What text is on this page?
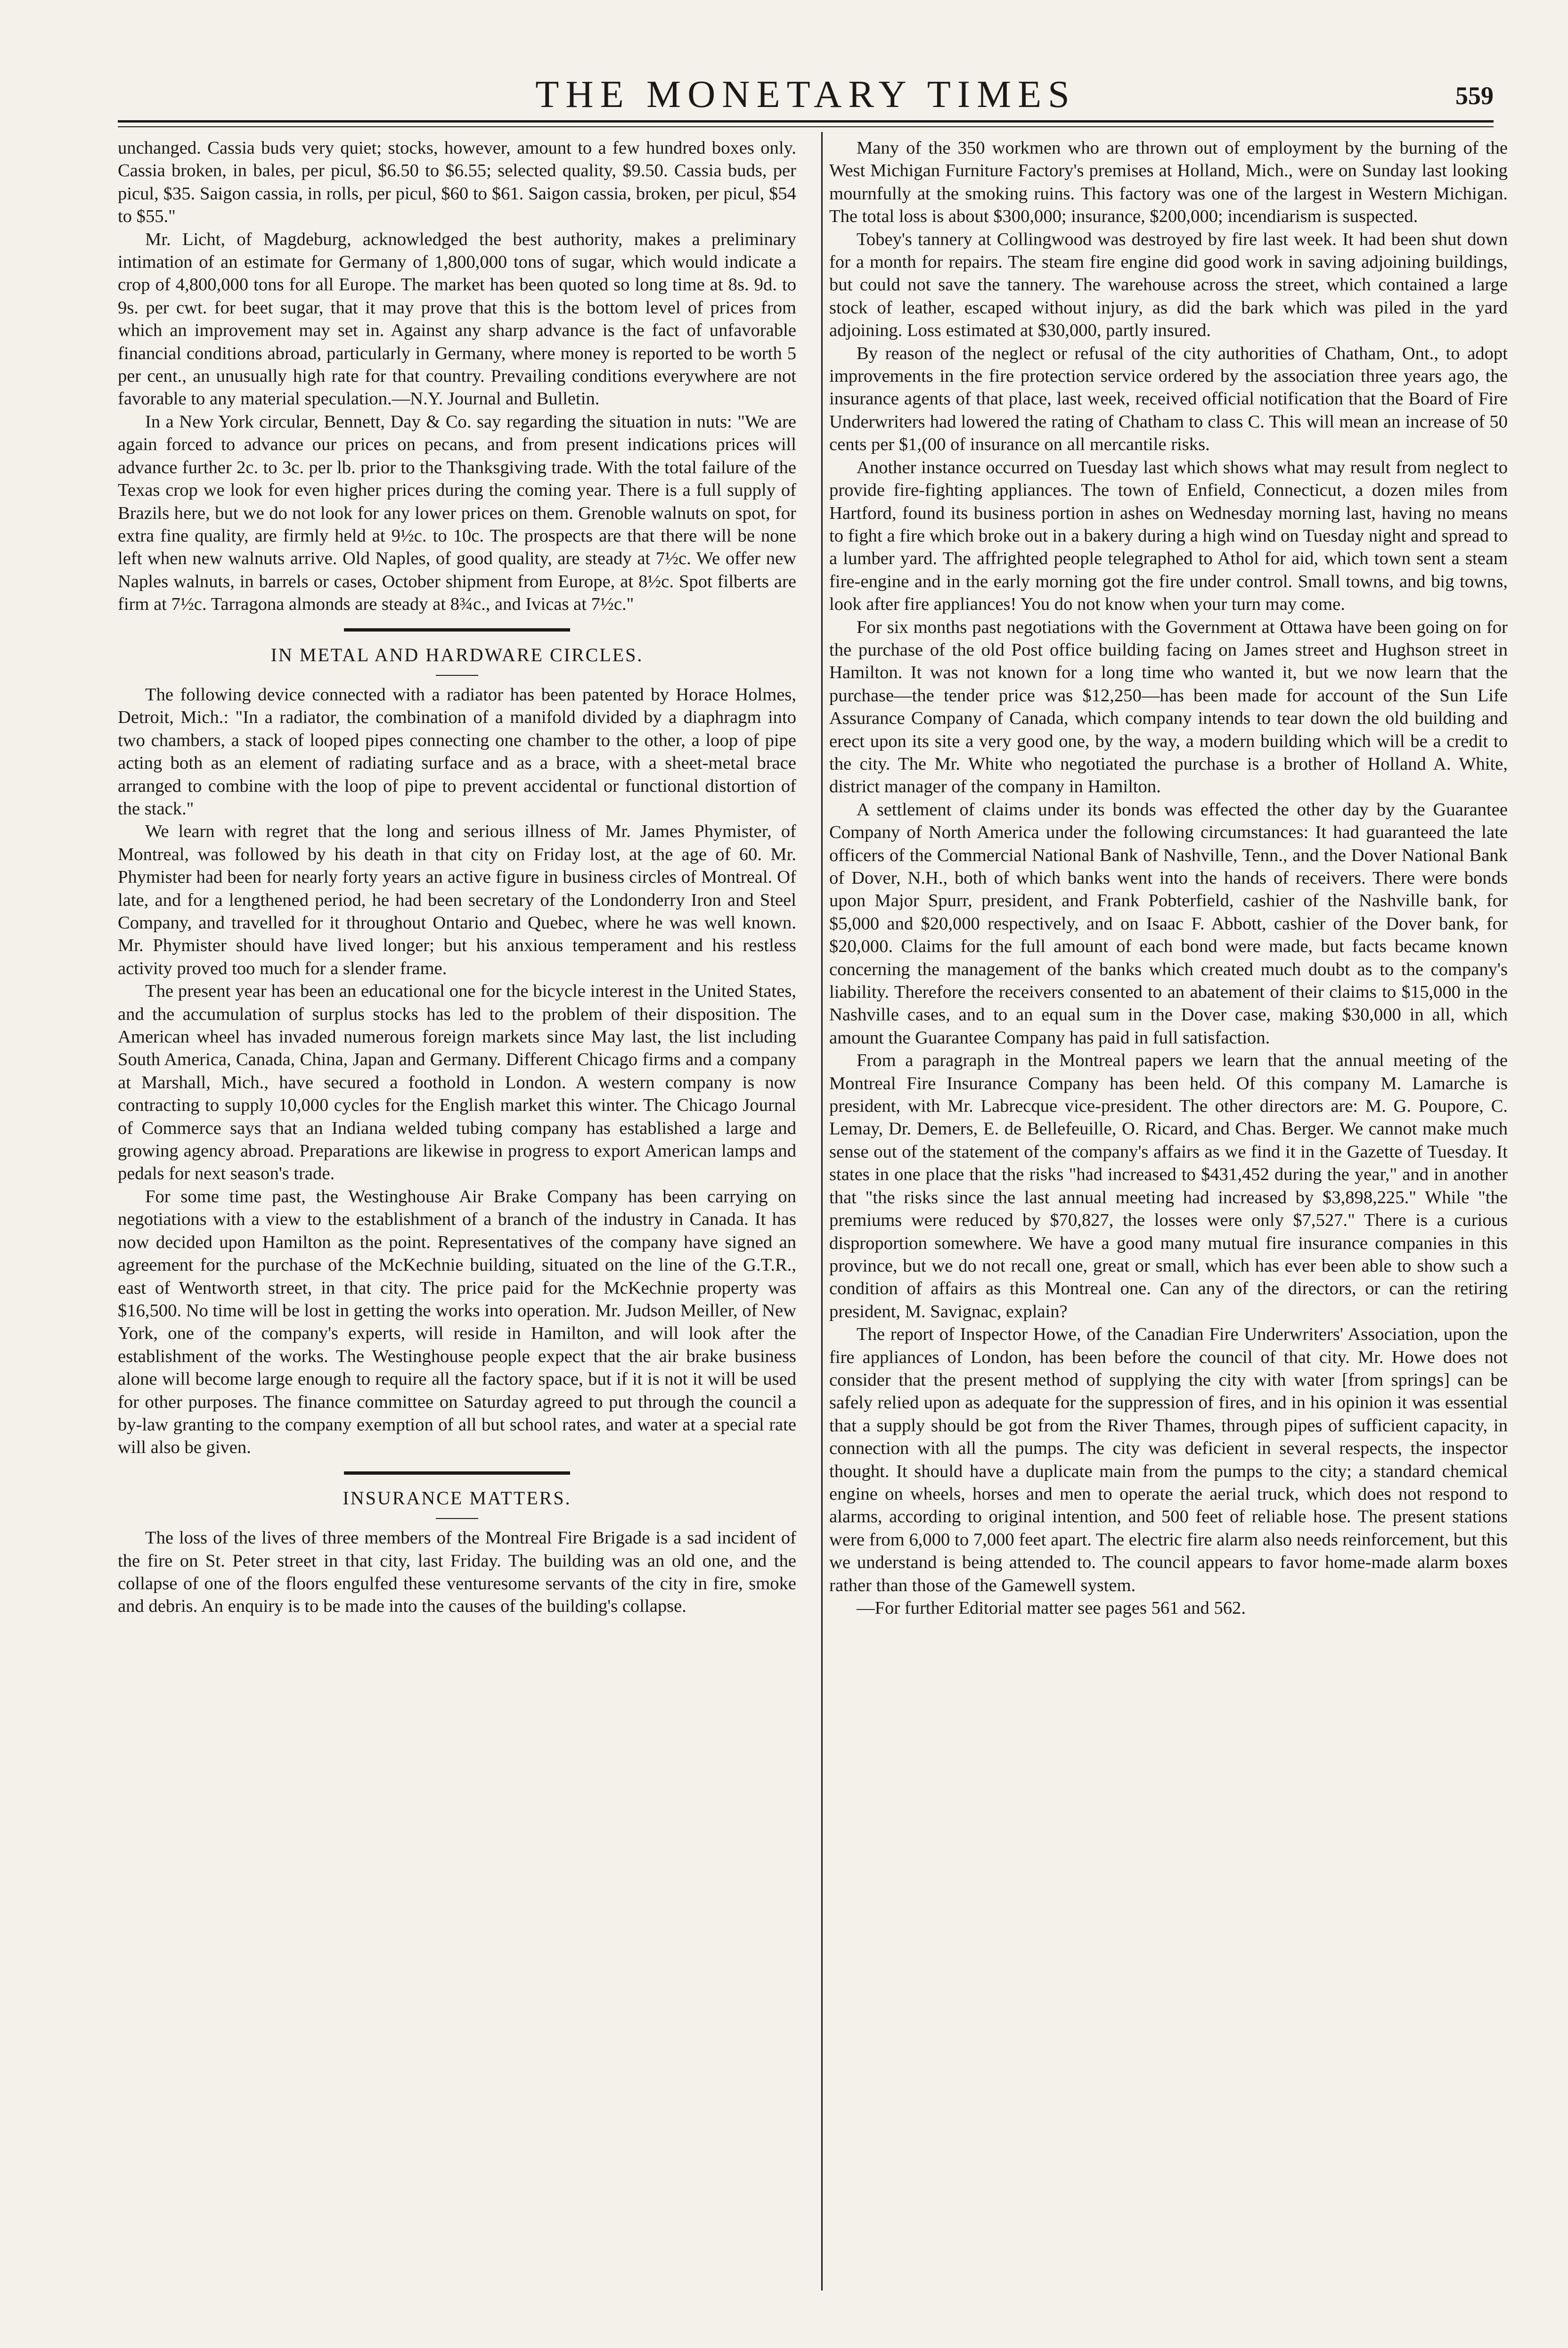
THE MONETARY TIMES	559

unchanged. Cassia buds very quiet; stocks, however, amount to a few hundred boxes only. Cassia broken, in bales, per picul, $6.50 to $6.55; selected quality, $9.50. Cassia buds, per picul, $35. Saigon cassia, in rolls, per picul, $60 to $61. Saigon cassia, broken, per picul, $54 to $55."

Mr. Licht, of Magdeburg, acknowledged the best authority, makes a preliminary intimation of an estimate for Germany of 1,800,000 tons of sugar, which would indicate a crop of 4,800,000 tons for all Europe. The market has been quoted so long time at 8s. 9d. to 9s. per cwt. for beet sugar, that it may prove that this is the bottom level of prices from which an improvement may set in. Against any sharp advance is the fact of unfavorable financial conditions abroad, particularly in Germany, where money is reported to be worth 5 per cent., an unusually high rate for that country. Prevailing conditions everywhere are not favorable to any material speculation.—N.Y. Journal and Bulletin.

In a New York circular, Bennett, Day & Co. say regarding the situation in nuts: "We are again forced to advance our prices on pecans, and from present indications prices will advance further 2c. to 3c. per lb. prior to the Thanksgiving trade. With the total failure of the Texas crop we look for even higher prices during the coming year. There is a full supply of Brazils here, but we do not look for any lower prices on them. Grenoble walnuts on spot, for extra fine quality, are firmly held at 9½c. to 10c. The prospects are that there will be none left when new walnuts arrive. Old Naples, of good quality, are steady at 7½c. We offer new Naples walnuts, in barrels or cases, October shipment from Europe, at 8½c. Spot filberts are firm at 7½c. Tarragona almonds are steady at 8¾c., and Ivicas at 7½c."

IN METAL AND HARDWARE CIRCLES.

The following device connected with a radiator has been patented by Horace Holmes, Detroit, Mich.: "In a radiator, the combination of a manifold divided by a diaphragm into two chambers, a stack of looped pipes connecting one chamber to the other, a loop of pipe acting both as an element of radiating surface and as a brace, with a sheet-metal brace arranged to combine with the loop of pipe to prevent accidental or functional distortion of the stack."

We learn with regret that the long and serious illness of Mr. James Phymister, of Montreal, was followed by his death in that city on Friday lost, at the age of 60. Mr. Phymister had been for nearly forty years an active figure in business circles of Montreal. Of late, and for a lengthened period, he had been secretary of the Londonderry Iron and Steel Company, and travelled for it throughout Ontario and Quebec, where he was well known. Mr. Phymister should have lived longer; but his anxious temperament and his restless activity proved too much for a slender frame.

The present year has been an educational one for the bicycle interest in the United States, and the accumulation of surplus stocks has led to the problem of their disposition. The American wheel has invaded numerous foreign markets since May last, the list including South America, Canada, China, Japan and Germany. Different Chicago firms and a company at Marshall, Mich., have secured a foothold in London. A western company is now contracting to supply 10,000 cycles for the English market this winter. The Chicago Journal of Commerce says that an Indiana welded tubing company has established a large and growing agency abroad. Preparations are likewise in progress to export American lamps and pedals for next season's trade.

For some time past, the Westinghouse Air Brake Company has been carrying on negotiations with a view to the establishment of a branch of the industry in Canada. It has now decided upon Hamilton as the point. Representatives of the company have signed an agreement for the purchase of the McKechnie building, situated on the line of the G.T.R., east of Wentworth street, in that city. The price paid for the McKechnie property was $16,500. No time will be lost in getting the works into operation. Mr. Judson Meiller, of New York, one of the company's experts, will reside in Hamilton, and will look after the establishment of the works. The Westinghouse people expect that the air brake business alone will become large enough to require all the factory space, but if it is not it will be used for other purposes. The finance committee on Saturday agreed to put through the council a by-law granting to the company exemption of all but school rates, and water at a special rate will also be given.

INSURANCE MATTERS.

The loss of the lives of three members of the Montreal Fire Brigade is a sad incident of the fire on St. Peter street in that city, last Friday. The building was an old one, and the collapse of one of the floors engulfed these venturesome servants of the city in fire, smoke and debris. An enquiry is to be made into the causes of the building's collapse.

Many of the 350 workmen who are thrown out of employment by the burning of the West Michigan Furniture Factory's premises at Holland, Mich., were on Sunday last looking mournfully at the smoking ruins. This factory was one of the largest in Western Michigan. The total loss is about $300,000; insurance, $200,000; incendiarism is suspected.

Tobey's tannery at Collingwood was destroyed by fire last week. It had been shut down for a month for repairs. The steam fire engine did good work in saving adjoining buildings, but could not save the tannery. The warehouse across the street, which contained a large stock of leather, escaped without injury, as did the bark which was piled in the yard adjoining. Loss estimated at $30,000, partly insured.

By reason of the neglect or refusal of the city authorities of Chatham, Ont., to adopt improvements in the fire protection service ordered by the association three years ago, the insurance agents of that place, last week, received official notification that the Board of Fire Underwriters had lowered the rating of Chatham to class C. This will mean an increase of 50 cents per $1,(00 of insurance on all mercantile risks.

Another instance occurred on Tuesday last which shows what may result from neglect to provide fire-fighting appliances. The town of Enfield, Connecticut, a dozen miles from Hartford, found its business portion in ashes on Wednesday morning last, having no means to fight a fire which broke out in a bakery during a high wind on Tuesday night and spread to a lumber yard. The affrighted people telegraphed to Athol for aid, which town sent a steam fire-engine and in the early morning got the fire under control. Small towns, and big towns, look after fire appliances! You do not know when your turn may come.

For six months past negotiations with the Government at Ottawa have been going on for the purchase of the old Post office building facing on James street and Hughson street in Hamilton. It was not known for a long time who wanted it, but we now learn that the purchase—the tender price was $12,250—has been made for account of the Sun Life Assurance Company of Canada, which company intends to tear down the old building and erect upon its site a very good one, by the way, a modern building which will be a credit to the city. The Mr. White who negotiated the purchase is a brother of Holland A. White, district manager of the company in Hamilton.

A settlement of claims under its bonds was effected the other day by the Guarantee Company of North America under the following circumstances: It had guaranteed the late officers of the Commercial National Bank of Nashville, Tenn., and the Dover National Bank of Dover, N.H., both of which banks went into the hands of receivers. There were bonds upon Major Spurr, president, and Frank Pobterfield, cashier of the Nashville bank, for $5,000 and $20,000 respectively, and on Isaac F. Abbott, cashier of the Dover bank, for $20,000. Claims for the full amount of each bond were made, but facts became known concerning the management of the banks which created much doubt as to the company's liability. Therefore the receivers consented to an abatement of their claims to $15,000 in the Nashville cases, and to an equal sum in the Dover case, making $30,000 in all, which amount the Guarantee Company has paid in full satisfaction.

From a paragraph in the Montreal papers we learn that the annual meeting of the Montreal Fire Insurance Company has been held. Of this company M. Lamarche is president, with Mr. Labrecque vice-president. The other directors are: M. G. Poupore, C. Lemay, Dr. Demers, E. de Bellefeuille, O. Ricard, and Chas. Berger. We cannot make much sense out of the statement of the company's affairs as we find it in the Gazette of Tuesday. It states in one place that the risks "had increased to $431,452 during the year," and in another that "the risks since the last annual meeting had increased by $3,898,225." While "the premiums were reduced by $70,827, the losses were only $7,527." There is a curious disproportion somewhere. We have a good many mutual fire insurance companies in this province, but we do not recall one, great or small, which has ever been able to show such a condition of affairs as this Montreal one. Can any of the directors, or can the retiring president, M. Savignac, explain?

The report of Inspector Howe, of the Canadian Fire Underwriters' Association, upon the fire appliances of London, has been before the council of that city. Mr. Howe does not consider that the present method of supplying the city with water [from springs] can be safely relied upon as adequate for the suppression of fires, and in his opinion it was essential that a supply should be got from the River Thames, through pipes of sufficient capacity, in connection with all the pumps. The city was deficient in several respects, the inspector thought. It should have a duplicate main from the pumps to the city; a standard chemical engine on wheels, horses and men to operate the aerial truck, which does not respond to alarms, according to original intention, and 500 feet of reliable hose. The present stations were from 6,000 to 7,000 feet apart. The electric fire alarm also needs reinforcement, but this we understand is being attended to. The council appears to favor home-made alarm boxes rather than those of the Gamewell system.

—For further Editorial matter see pages 561 and 562.
